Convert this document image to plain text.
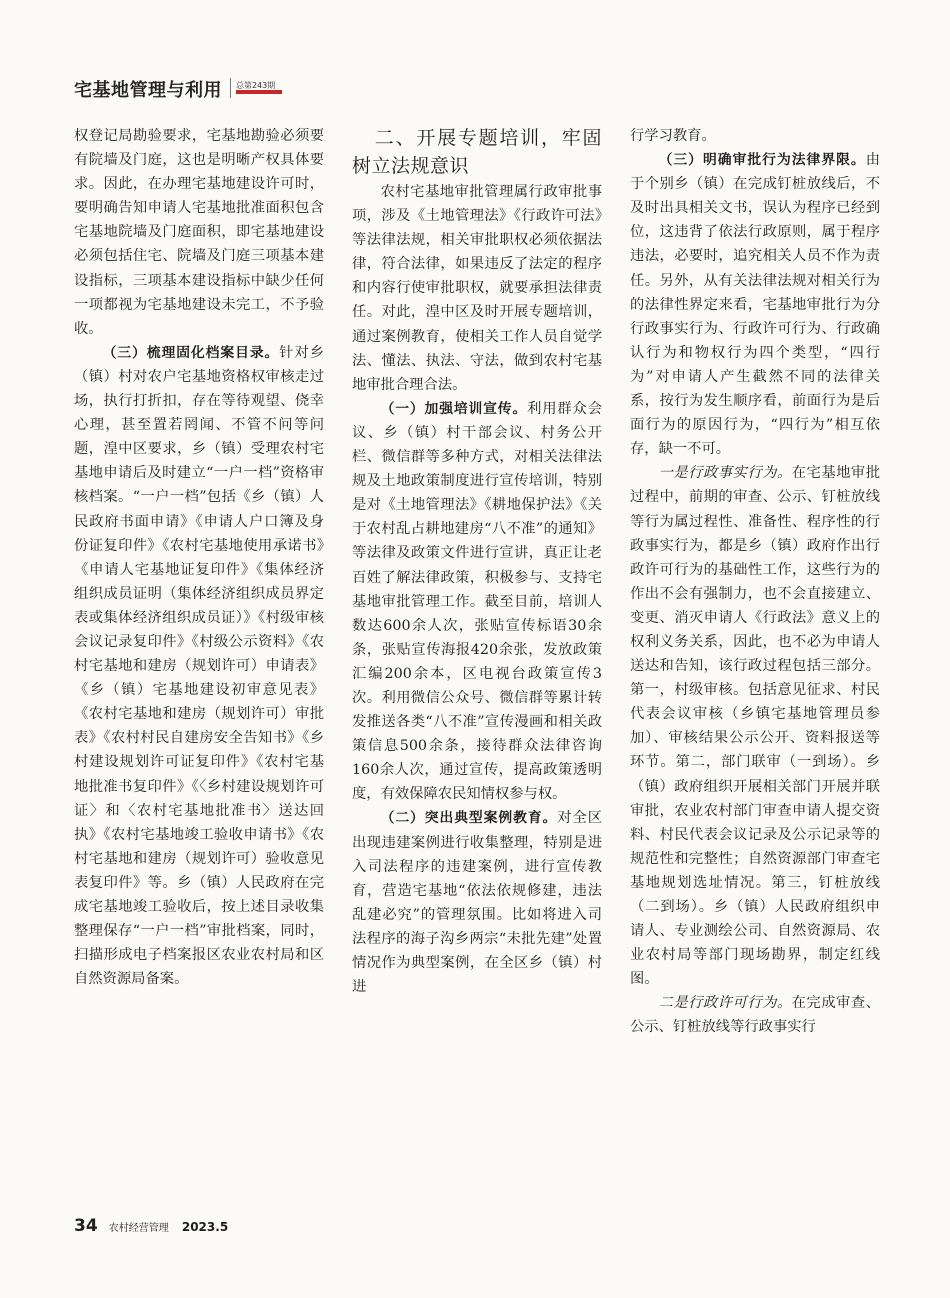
宅基地管理与利用 总第243期

权登记局勘验要求，宅基地勘验必须要有院墙及门庭，这也是明晰产权具体要求。因此，在办理宅基地建设许可时，要明确告知申请人宅基地批准面积包含宅基地院墙及门庭面积，即宅基地建设必须包括住宅、院墙及门庭三项基本建设指标，三项基本建设指标中缺少任何一项都视为宅基地建设未完工，不予验收。

（三）梳理固化档案目录。针对乡（镇）村对农户宅基地资格权审核走过场，执行打折扣，存在等待观望、侥幸心理，甚至置若罔闻、不管不问等问题，湟中区要求，乡（镇）受理农村宅基地申请后及时建立“一户一档”资格审核档案。“一户一档”包括《乡（镇）人民政府书面申请》《申请人户口簿及身份证复印件》《农村宅基地使用承诺书》《申请人宅基地证复印件》《集体经济组织成员证明（集体经济组织成员界定表或集体经济组织成员证）》《村级审核会议记录复印件》《村级公示资料》《农村宅基地和建房（规划许可）申请表》《乡（镇）宅基地建设初审意见表》《农村宅基地和建房（规划许可）审批表》《农村村民自建房安全告知书》《乡村建设规划许可证复印件》《农村宅基地批准书复印件》《〈乡村建设规划许可证〉和〈农村宅基地批准书〉送达回执》《农村宅基地竣工验收申请书》《农村宅基地和建房（规划许可）验收意见表复印件》等。乡（镇）人民政府在完成宅基地竣工验收后，按上述目录收集整理保存“一户一档”审批档案，同时，扫描形成电子档案报区农业农村局和区自然资源局备案。

二、开展专题培训，牢固树立法规意识

农村宅基地审批管理属行政审批事项，涉及《土地管理法》《行政许可法》等法律法规，相关审批职权必须依据法律，符合法律，如果违反了法定的程序和内容行使审批职权，就要承担法律责任。对此，湟中区及时开展专题培训，通过案例教育，使相关工作人员自觉学法、懂法、执法、守法，做到农村宅基地审批合理合法。

（一）加强培训宣传。利用群众会议、乡（镇）村干部会议、村务公开栏、微信群等多种方式，对相关法律法规及土地政策制度进行宣传培训，特别是对《土地管理法》《耕地保护法》《关于农村乱占耕地建房“八不准”的通知》等法律及政策文件进行宣讲，真正让老百姓了解法律政策，积极参与、支持宅基地审批管理工作。截至目前，培训人数达600余人次，张贴宣传标语30余条，张贴宣传海报420余张，发放政策汇编200余本，区电视台政策宣传3次。利用微信公众号、微信群等累计转发推送各类“八不准”宣传漫画和相关政策信息500余条，接待群众法律咨询160余人次，通过宣传，提高政策透明度，有效保障农民知情权参与权。

（二）突出典型案例教育。对全区出现违建案例进行收集整理，特别是进入司法程序的违建案例，进行宣传教育，营造宅基地“依法依规修建，违法乱建必究”的管理氛围。比如将进入司法程序的海子沟乡两宗“未批先建”处置情况作为典型案例，在全区乡（镇）村进

行学习教育。

（三）明确审批行为法律界限。由于个别乡（镇）在完成钉桩放线后，不及时出具相关文书，误认为程序已经到位，这违背了依法行政原则，属于程序违法，必要时，追究相关人员不作为责任。另外，从有关法律法规对相关行为的法律性界定来看，宅基地审批行为分行政事实行为、行政许可行为、行政确认行为和物权行为四个类型，“四行为”对申请人产生截然不同的法律关系，按行为发生顺序看，前面行为是后面行为的原因行为，“四行为”相互依存，缺一不可。

一是行政事实行为。在宅基地审批过程中，前期的审查、公示、钉桩放线等行为属过程性、准备性、程序性的行政事实行为，都是乡（镇）政府作出行政许可行为的基础性工作，这些行为的作出不会有强制力，也不会直接建立、变更、消灭申请人《行政法》意义上的权利义务关系，因此，也不必为申请人送达和告知，该行政过程包括三部分。第一，村级审核。包括意见征求、村民代表会议审核（乡镇宅基地管理员参加）、审核结果公示公开、资料报送等环节。第二，部门联审（一到场）。乡（镇）政府组织开展相关部门开展并联审批，农业农村部门审查申请人提交资料、村民代表会议记录及公示记录等的规范性和完整性；自然资源部门审查宅基地规划选址情况。第三，钉桩放线（二到场）。乡（镇）人民政府组织申请人、专业测绘公司、自然资源局、农业农村局等部门现场勘界，制定红线图。

二是行政许可行为。在完成审查、公示、钉桩放线等行政事实行

34 农村经营管理 2023.5
